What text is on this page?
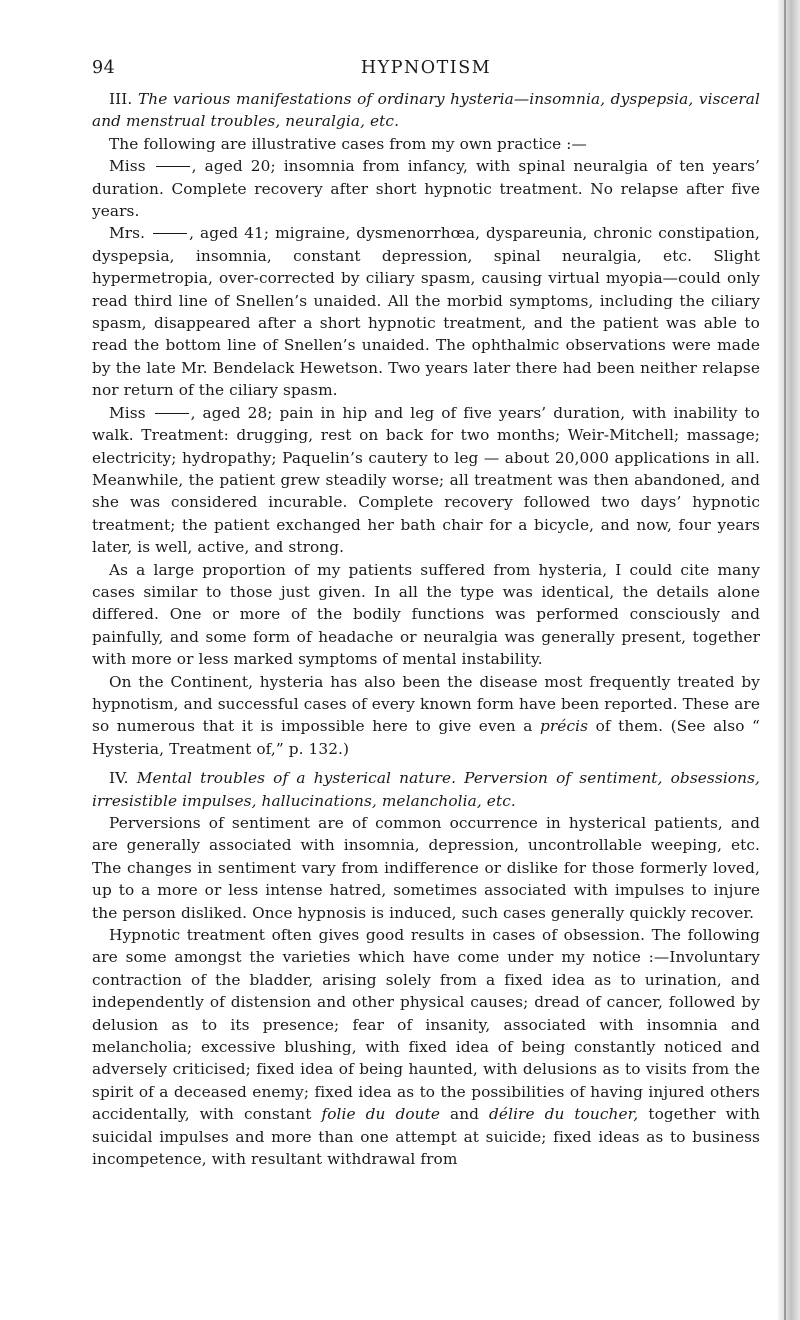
94	HYPNOTISM

III. The various manifestations of ordinary hysteria—insomnia, dyspepsia, visceral and menstrual troubles, neuralgia, etc.

The following are illustrative cases from my own practice :—

Miss	, aged 20; insomnia from infancy, with spinal neuralgia of ten years’ duration. Complete recovery after short hypnotic treatment. No relapse after five years.

Mrs.	, aged 41; migraine, dysmenorrhœa, dyspareunia, chronic constipation, dyspepsia, insomnia, constant depression, spinal neuralgia, etc. Slight hypermetropia, over-corrected by ciliary spasm, causing virtual myopia—could only read third line of Snellen’s unaided. All the morbid symptoms, including the ciliary spasm, disappeared after a short hypnotic treatment, and the patient was able to read the bottom line of Snellen’s unaided. The ophthalmic observations were made by the late Mr. Bendelack Hewetson. Two years later there had been neither relapse nor return of the ciliary spasm.

Miss	, aged 28; pain in hip and leg of five years’ duration, with inability to walk. Treatment: drugging, rest on back for two months; Weir-Mitchell; massage; electricity; hydropathy; Paquelin’s cautery to leg — about 20,000 applications in all. Meanwhile, the patient grew steadily worse; all treatment was then abandoned, and she was considered incurable. Complete recovery followed two days’ hypnotic treatment; the patient exchanged her bath chair for a bicycle, and now, four years later, is well, active, and strong.

As a large proportion of my patients suffered from hysteria, I could cite many cases similar to those just given. In all the type was identical, the details alone differed. One or more of the bodily functions was performed consciously and painfully, and some form of headache or neuralgia was generally present, together with more or less marked symptoms of mental instability.

On the Continent, hysteria has also been the disease most frequently treated by hypnotism, and successful cases of every known form have been reported. These are so numerous that it is impossible here to give even a précis of them. (See also “ Hysteria, Treatment of,” p. 132.)

IV. Mental troubles of a hysterical nature. Perversion of sentiment, obsessions, irresistible impulses, hallucinations, melancholia, etc.

Perversions of sentiment are of common occurrence in hysterical patients, and are generally associated with insomnia, depression, uncontrollable weeping, etc. The changes in sentiment vary from indifference or dislike for those formerly loved, up to a more or less intense hatred, sometimes associated with impulses to injure the person disliked. Once hypnosis is induced, such cases generally quickly recover.

Hypnotic treatment often gives good results in cases of obsession. The following are some amongst the varieties which have come under my notice :—Involuntary contraction of the bladder, arising solely from a fixed idea as to urination, and independently of distension and other physical causes; dread of cancer, followed by delusion as to its presence; fear of insanity, associated with insomnia and melancholia; excessive blushing, with fixed idea of being constantly noticed and adversely criticised; fixed idea of being haunted, with delusions as to visits from the spirit of a deceased enemy; fixed idea as to the possibilities of having injured others accidentally, with constant folie du doute and délire du toucher, together with suicidal impulses and more than one attempt at suicide; fixed ideas as to business incompetence, with resultant withdrawal from
